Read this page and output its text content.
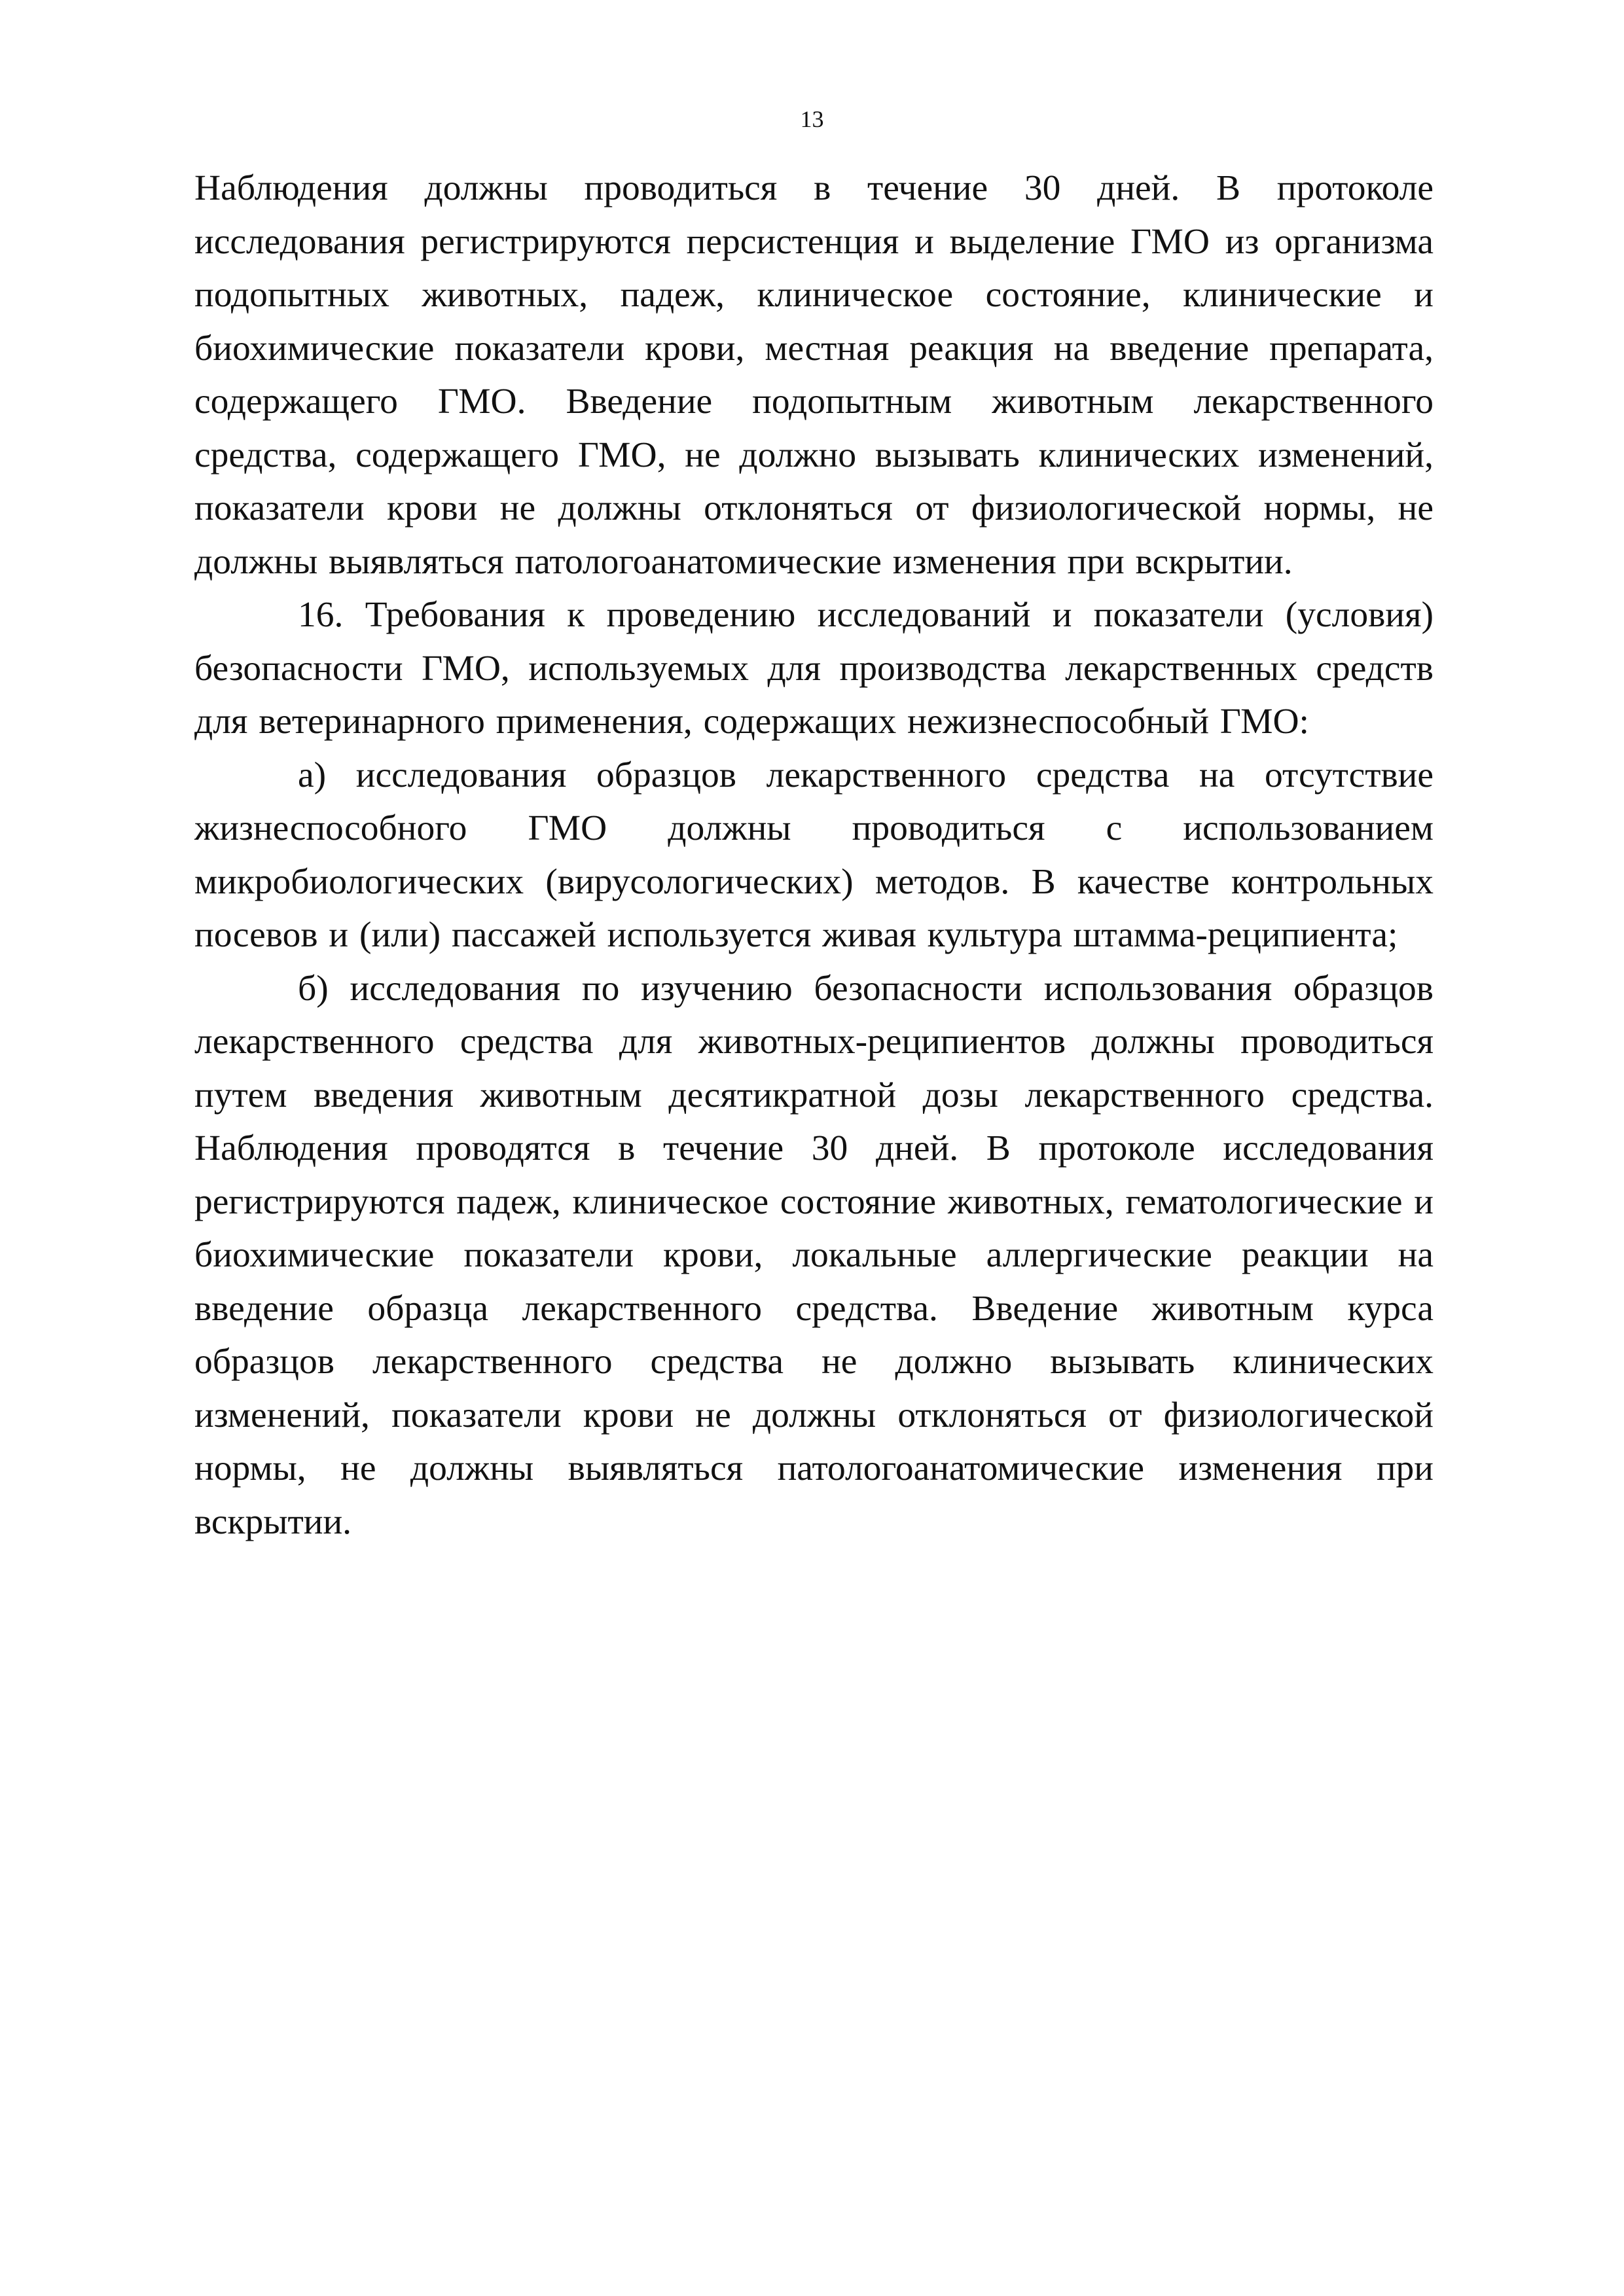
13

Наблюдения должны проводиться в течение 30 дней. В протоколе исследования регистрируются персистенция и выделение ГМО из организма подопытных животных, падеж, клиническое состояние, клинические и биохимические показатели крови, местная реакция на введение препарата, содержащего ГМО. Введение подопытным животным лекарственного средства, содержащего ГМО, не должно вызывать клинических изменений, показатели крови не должны отклоняться от физиологической нормы, не должны выявляться патологоанатомические изменения при вскрытии.

16. Требования к проведению исследований и показатели (условия) безопасности ГМО, используемых для производства лекарственных средств для ветеринарного применения, содержащих нежизнеспособный ГМО:

а) исследования образцов лекарственного средства на отсутствие жизнеспособного ГМО должны проводиться с использованием микробиологических (вирусологических) методов. В качестве контрольных посевов и (или) пассажей используется живая культура штамма-реципиента;

б) исследования по изучению безопасности использования образцов лекарственного средства для животных-реципиентов должны проводиться путем введения животным десятикратной дозы лекарственного средства. Наблюдения проводятся в течение 30 дней. В протоколе исследования регистрируются падеж, клиническое состояние животных, гематологические и биохимические показатели крови, локальные аллергические реакции на введение образца лекарственного средства. Введение животным курса образцов лекарственного средства не должно вызывать клинических изменений, показатели крови не должны отклоняться от физиологической нормы, не должны выявляться патологоанатомические изменения при вскрытии.
